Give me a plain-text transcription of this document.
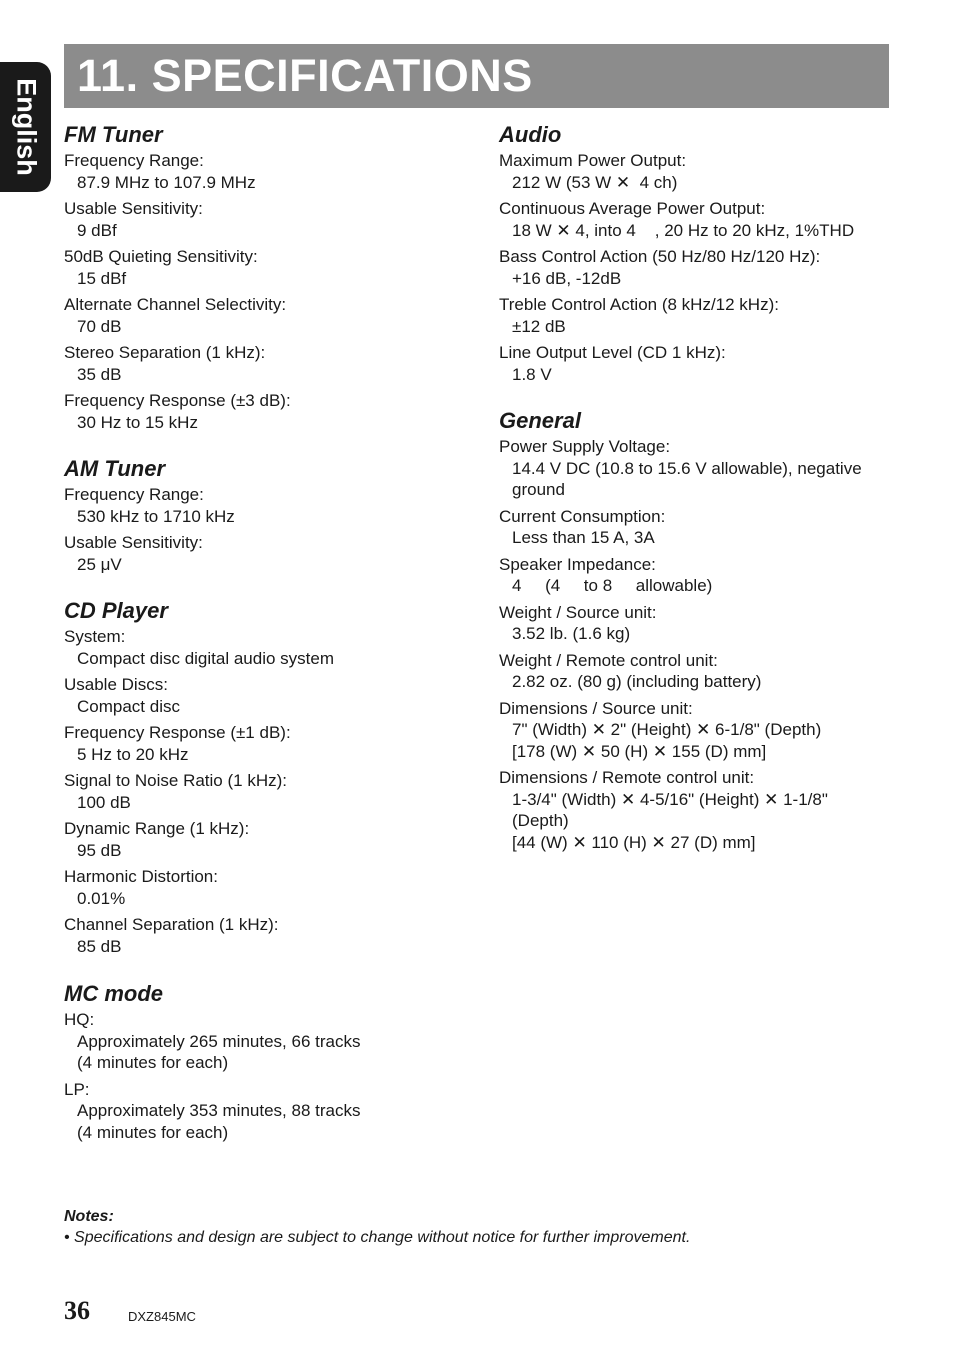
English
11. SPECIFICATIONS
FM Tuner
Frequency Range:
87.9 MHz to 107.9 MHz
Usable Sensitivity:
9 dBf
50dB Quieting Sensitivity:
15 dBf
Alternate Channel Selectivity:
70 dB
Stereo Separation (1 kHz):
35 dB
Frequency Response (±3 dB):
30 Hz to 15 kHz
AM Tuner
Frequency Range:
530 kHz to 1710 kHz
Usable Sensitivity:
25 μV
CD Player
System:
Compact disc digital audio system
Usable Discs:
Compact disc
Frequency Response (±1 dB):
5 Hz to 20 kHz
Signal to Noise Ratio (1 kHz):
100 dB
Dynamic Range (1 kHz):
95 dB
Harmonic Distortion:
0.01%
Channel Separation (1 kHz):
85 dB
MC mode
HQ:
Approximately 265 minutes, 66 tracks
(4 minutes for each)
LP:
Approximately 353 minutes, 88 tracks
(4 minutes for each)
Audio
Maximum Power Output:
212 W (53 W ✕  4 ch)
Continuous Average Power Output:
18 W ✕ 4, into 4    , 20 Hz to 20 kHz, 1%THD
Bass Control Action (50 Hz/80 Hz/120 Hz):
+16 dB, -12dB
Treble Control Action (8 kHz/12 kHz):
±12 dB
Line Output Level (CD 1 kHz):
1.8 V
General
Power Supply Voltage:
14.4 V DC (10.8 to 15.6 V allowable), negative
ground
Current Consumption:
Less than 15 A, 3A
Speaker Impedance:
4     (4     to 8     allowable)
Weight / Source unit:
3.52 lb. (1.6 kg)
Weight / Remote control unit:
2.82 oz. (80 g) (including battery)
Dimensions / Source unit:
7" (Width) ✕ 2" (Height) ✕ 6-1/8" (Depth)
[178 (W) ✕ 50 (H) ✕ 155 (D) mm]
Dimensions / Remote control unit:
1-3/4" (Width) ✕ 4-5/16" (Height) ✕ 1-1/8"
(Depth)
[44 (W) ✕ 110 (H) ✕ 27 (D) mm]
Notes:
• Specifications and design are subject to change without notice for further improvement.
36	DXZ845MC
